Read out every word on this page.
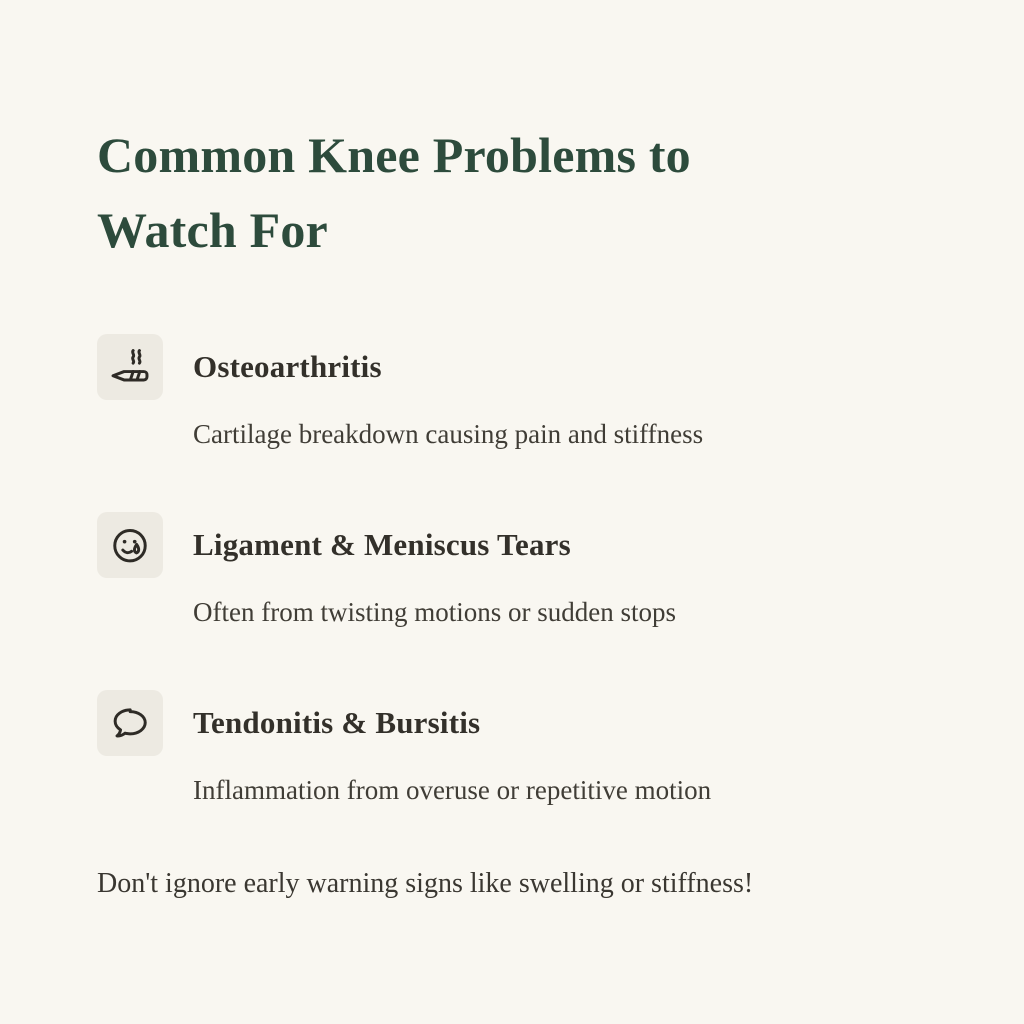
Common Knee Problems to
Watch For
Osteoarthritis
Cartilage breakdown causing pain and stiffness
Ligament & Meniscus Tears
Often from twisting motions or sudden stops
Tendonitis & Bursitis
Inflammation from overuse or repetitive motion
Don't ignore early warning signs like swelling or stiffness!
